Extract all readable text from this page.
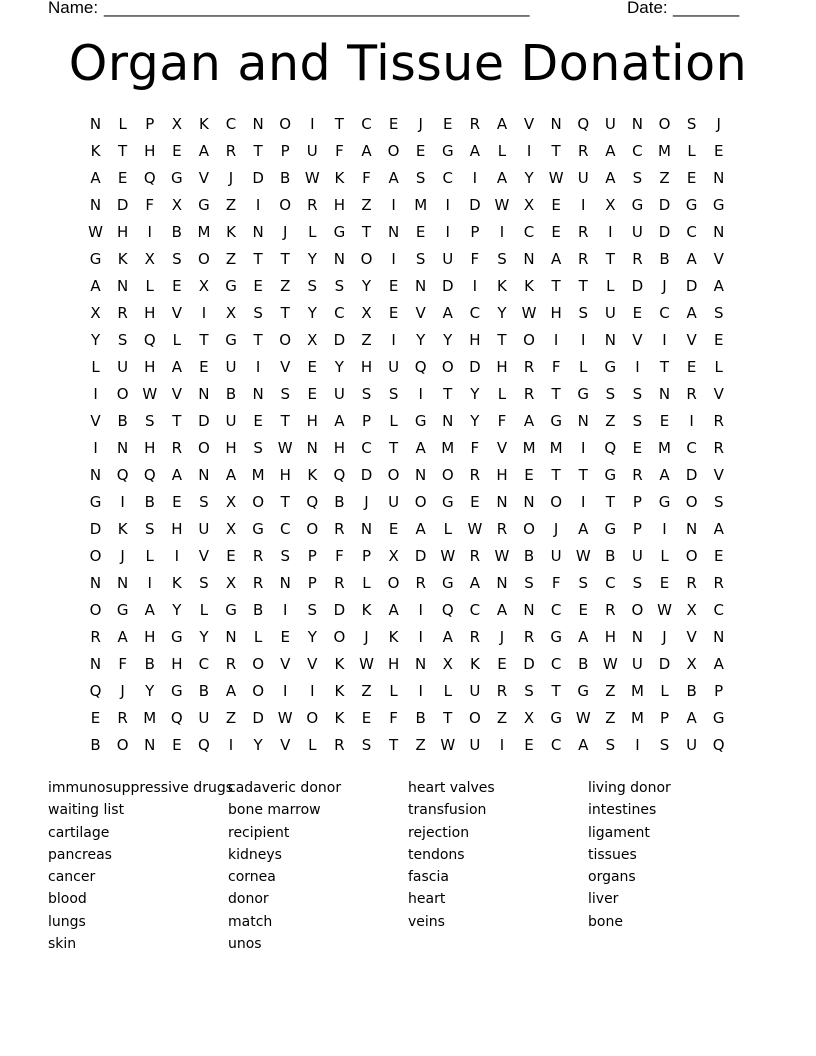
Name: _____________________________________________	Date: _______
Organ and Tissue Donation
N	L	P	X	K	C	N	O	I	T	C	E	J	E	R	A	V	N	Q	U	N	O	S	J
K	T	H	E	A	R	T	P	U	F	A	O	E	G	A	L	I	T	R	A	C	M	L	E
A	E	Q	G	V	J	D	B W K	F	A	S	C	I	A	Y	W U	A	S	Z	E	N
N	D	F	X	G	Z	I	O	R	H	Z	I	M	I	D W X	E	I	X	G	D	G	G
W H	I	B	M	K	N	J	L	G	T	N	E	I	P	I	C	E	R	I	U	D	C	N
G	K	X	S	O	Z	T	T	Y	N	O	I	S	U	F	S	N	A	R	T	R	B	A	V
A	N	L	E	X	G	E	Z	S	S	Y	E	N	D	I	K	K	T	T	L	D	J	D	A
X	R	H	V	I	X	S	T	Y	C	X	E	V	A	C	Y	W H	S	U	E	C	A	S
Y	S	Q	L	T	G	T	O	X	D	Z	I	Y	Y	H	T	O	I	I	N	V	I	V	E
L	U	H	A	E	U	I	V	E	Y	H	U	Q	O	D	H	R	F	L	G	I	T	E	L
I	O W V	N	B	N	S	E	U	S	S	I	T	Y	L	R	T	G	S	S	N	R	V
V	B	S	T	D	U	E	T	H	A	P	L	G	N	Y	F	A	G	N	Z	S	E	I	R
I	N	H	R	O	H	S W N	H	C	T	A	M	F	V	M M	I	Q	E	M	C	R
N	Q	Q	A	N	A	M H	K	Q	D	O	N	O	R	H	E	T	T	G	R	A	D	V
G	I	B	E	S	X	O	T	Q	B	J	U	O	G	E	N	N	O	I	T	P	G	O	S
D	K	S	H	U	X	G	C	O	R	N	E	A	L	W R	O	J	A	G	P	I	N	A
O	J	L	I	V	E	R	S	P	F	P	X	D W R W B	U W B	U	L	O	E
N	N	I	K	S	X	R	N	P	R	L	O	R	G	A	N	S	F	S	C	S	E	R	R
O	G	A	Y	L	G	B	I	S	D	K	A	I	Q	C	A	N	C	E	R	O W X	C
R	A	H	G	Y	N	L	E	Y	O	J	K	I	A	R	J	R	G	A	H	N	J	V	N
N	F	B	H	C	R	O	V	V	K W H	N	X	K	E	D	C	B W U	D	X	A
Q	J	Y	G	B	A	O	I	I	K	Z	L	I	L	U	R	S	T	G	Z	M	L	B	P
E	R	M Q	U	Z	D W O	K	E	F	B	T	O	Z	X	G W Z	M	P	A	G
B	O	N	E	Q	I	Y	V	L	R	S	T	Z W U	I	E	C	A	S	I	S	U	Q
immunosuppressive drugs
waiting list
cartilage
pancreas
cancer
blood
lungs
skin
cadaveric donor
bone marrow
recipient
kidneys
cornea
donor
match
unos
heart valves
transfusion
rejection
tendons
fascia
heart
veins
living donor
intestines
ligament
tissues
organs
liver
bone
